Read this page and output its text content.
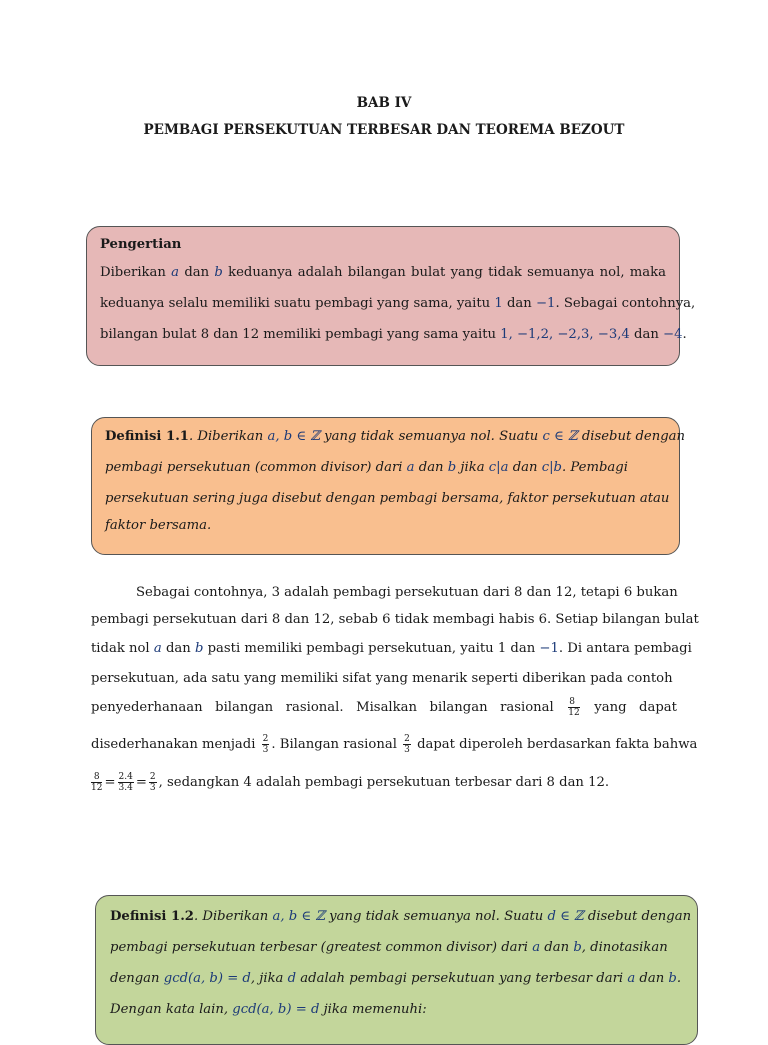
BAB IV
PEMBAGI PERSEKUTUAN TERBESAR DAN TEOREMA BEZOUT
Pengertian
Diberikan a dan b keduanya adalah bilangan bulat yang tidak semuanya nol, maka
keduanya selalu memiliki suatu pembagi yang sama, yaitu 1 dan −1. Sebagai contohnya,
bilangan bulat 8 dan 12 memiliki pembagi yang sama yaitu 1, −1,2, −2,3, −3,4 dan −4.
Definisi 1.1. Diberikan a, b ∈ ℤ yang tidak semuanya nol. Suatu c ∈ ℤ disebut dengan
pembagi persekutuan (common divisor) dari a dan b jika c|a dan c|b. Pembagi
persekutuan sering juga disebut dengan pembagi bersama, faktor persekutuan atau
faktor bersama.
Sebagai contohnya, 3 adalah pembagi persekutuan dari 8 dan 12, tetapi 6 bukan
pembagi persekutuan dari 8 dan 12, sebab 6 tidak membagi habis 6. Setiap bilangan bulat
tidak nol a dan b pasti memiliki pembagi persekutuan, yaitu 1 dan −1. Di antara pembagi
persekutuan, ada satu yang memiliki sifat yang menarik seperti diberikan pada contoh
penyederhanaan bilangan rasional. Misalkan bilangan rasional $\frac{8}{12}$ yang dapat
disederhanakan menjadi $\frac{2}{3}$ . Bilangan rasional $\frac{2}{3}$ dapat diperoleh berdasarkan fakta bahwa
$\frac{8}{12} = \frac{2.4}{3.4} = \frac{2}{3}$ , sedangkan 4 adalah pembagi persekutuan terbesar dari 8 dan 12.
Definisi 1.2. Diberikan a, b ∈ ℤ yang tidak semuanya nol. Suatu d ∈ ℤ disebut dengan
pembagi persekutuan terbesar (greatest common divisor) dari a dan b, dinotasikan
dengan gcd(a, b) = d, jika d adalah pembagi persekutuan yang terbesar dari a dan b.
Dengan kata lain, gcd(a, b) = d jika memenuhi:
